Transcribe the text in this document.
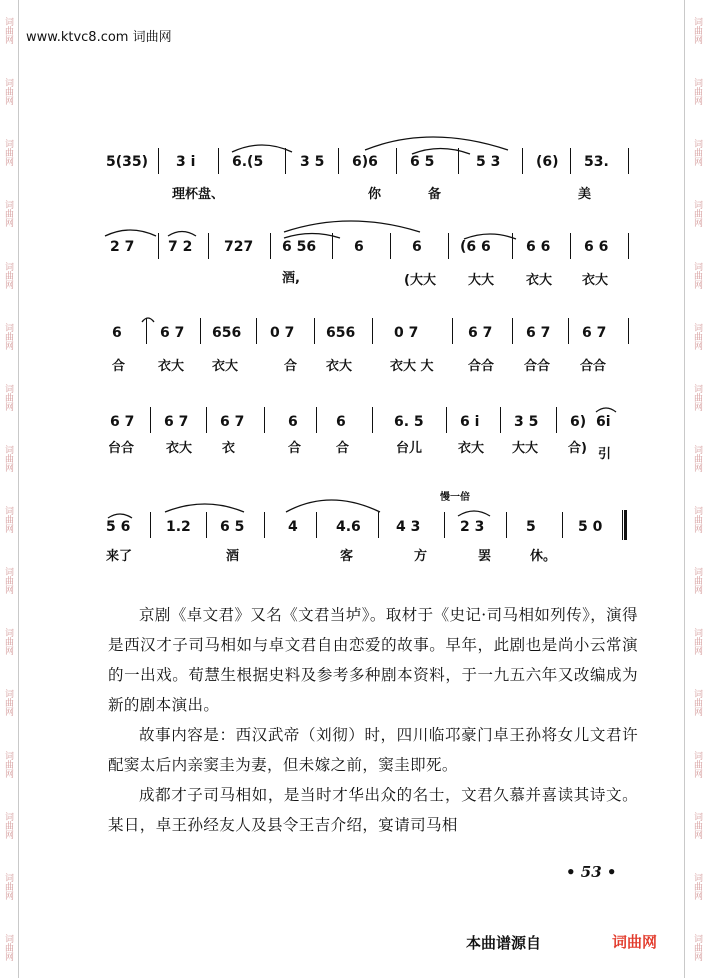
词曲网
词曲网
词曲网
词曲网
词曲网
词曲网
词曲网
词曲网
词曲网
词曲网
词曲网
词曲网
词曲网
词曲网
词曲网
词曲网
词曲网
词曲网
词曲网
词曲网
词曲网
词曲网
词曲网
词曲网
词曲网
词曲网
词曲网
词曲网
词曲网
词曲网
词曲网
词曲网
www.ktvc8.com 词曲网
5(35) 3 i	6.(5	3 5 6)6 6 5	5 3	(6) 53.
理杯盘、	你	备	美
2 7 7 2 727 6 56	6	6	(6 6	6 6 6 6
酒,	(大大 大大 衣大 衣大
6	6 7 656 0 7 656	0 7	6 7 6 7 6 7
合	衣大 衣大	合 衣大	衣大 大	合合 合合 合合
6 7 6 7 6 7	6	6	6. 5	6 i 3 5 6) 6i
台合 衣大 衣	合	合	台儿	衣大 大大 合) 引
慢一倍
5 6	1.2 6 5	4	4.6	4 3	2 3	5	5 0
来了	酒	客	方	罢	休。

京剧《卓文君》又名《文君当垆》。取材于《史记·司马相如列传》，演得是西汉才子司马相如与卓文君自由恋爱的故事。早年，此剧也是尚小云常演的一出戏。荀慧生根据史料及参考多种剧本资料，于一九五六年又改编成为新的剧本演出。

故事内容是：西汉武帝（刘彻）时，四川临邛豪门卓王孙将女儿文君许配窦太后内亲窦圭为妻，但未嫁之前，窦圭即死。

成都才子司马相如，是当时才华出众的名士，文君久慕并喜读其诗文。某日，卓王孙经友人及县令王吉介绍，宴请司马相

• 53 •
本曲谱源自	词曲网
